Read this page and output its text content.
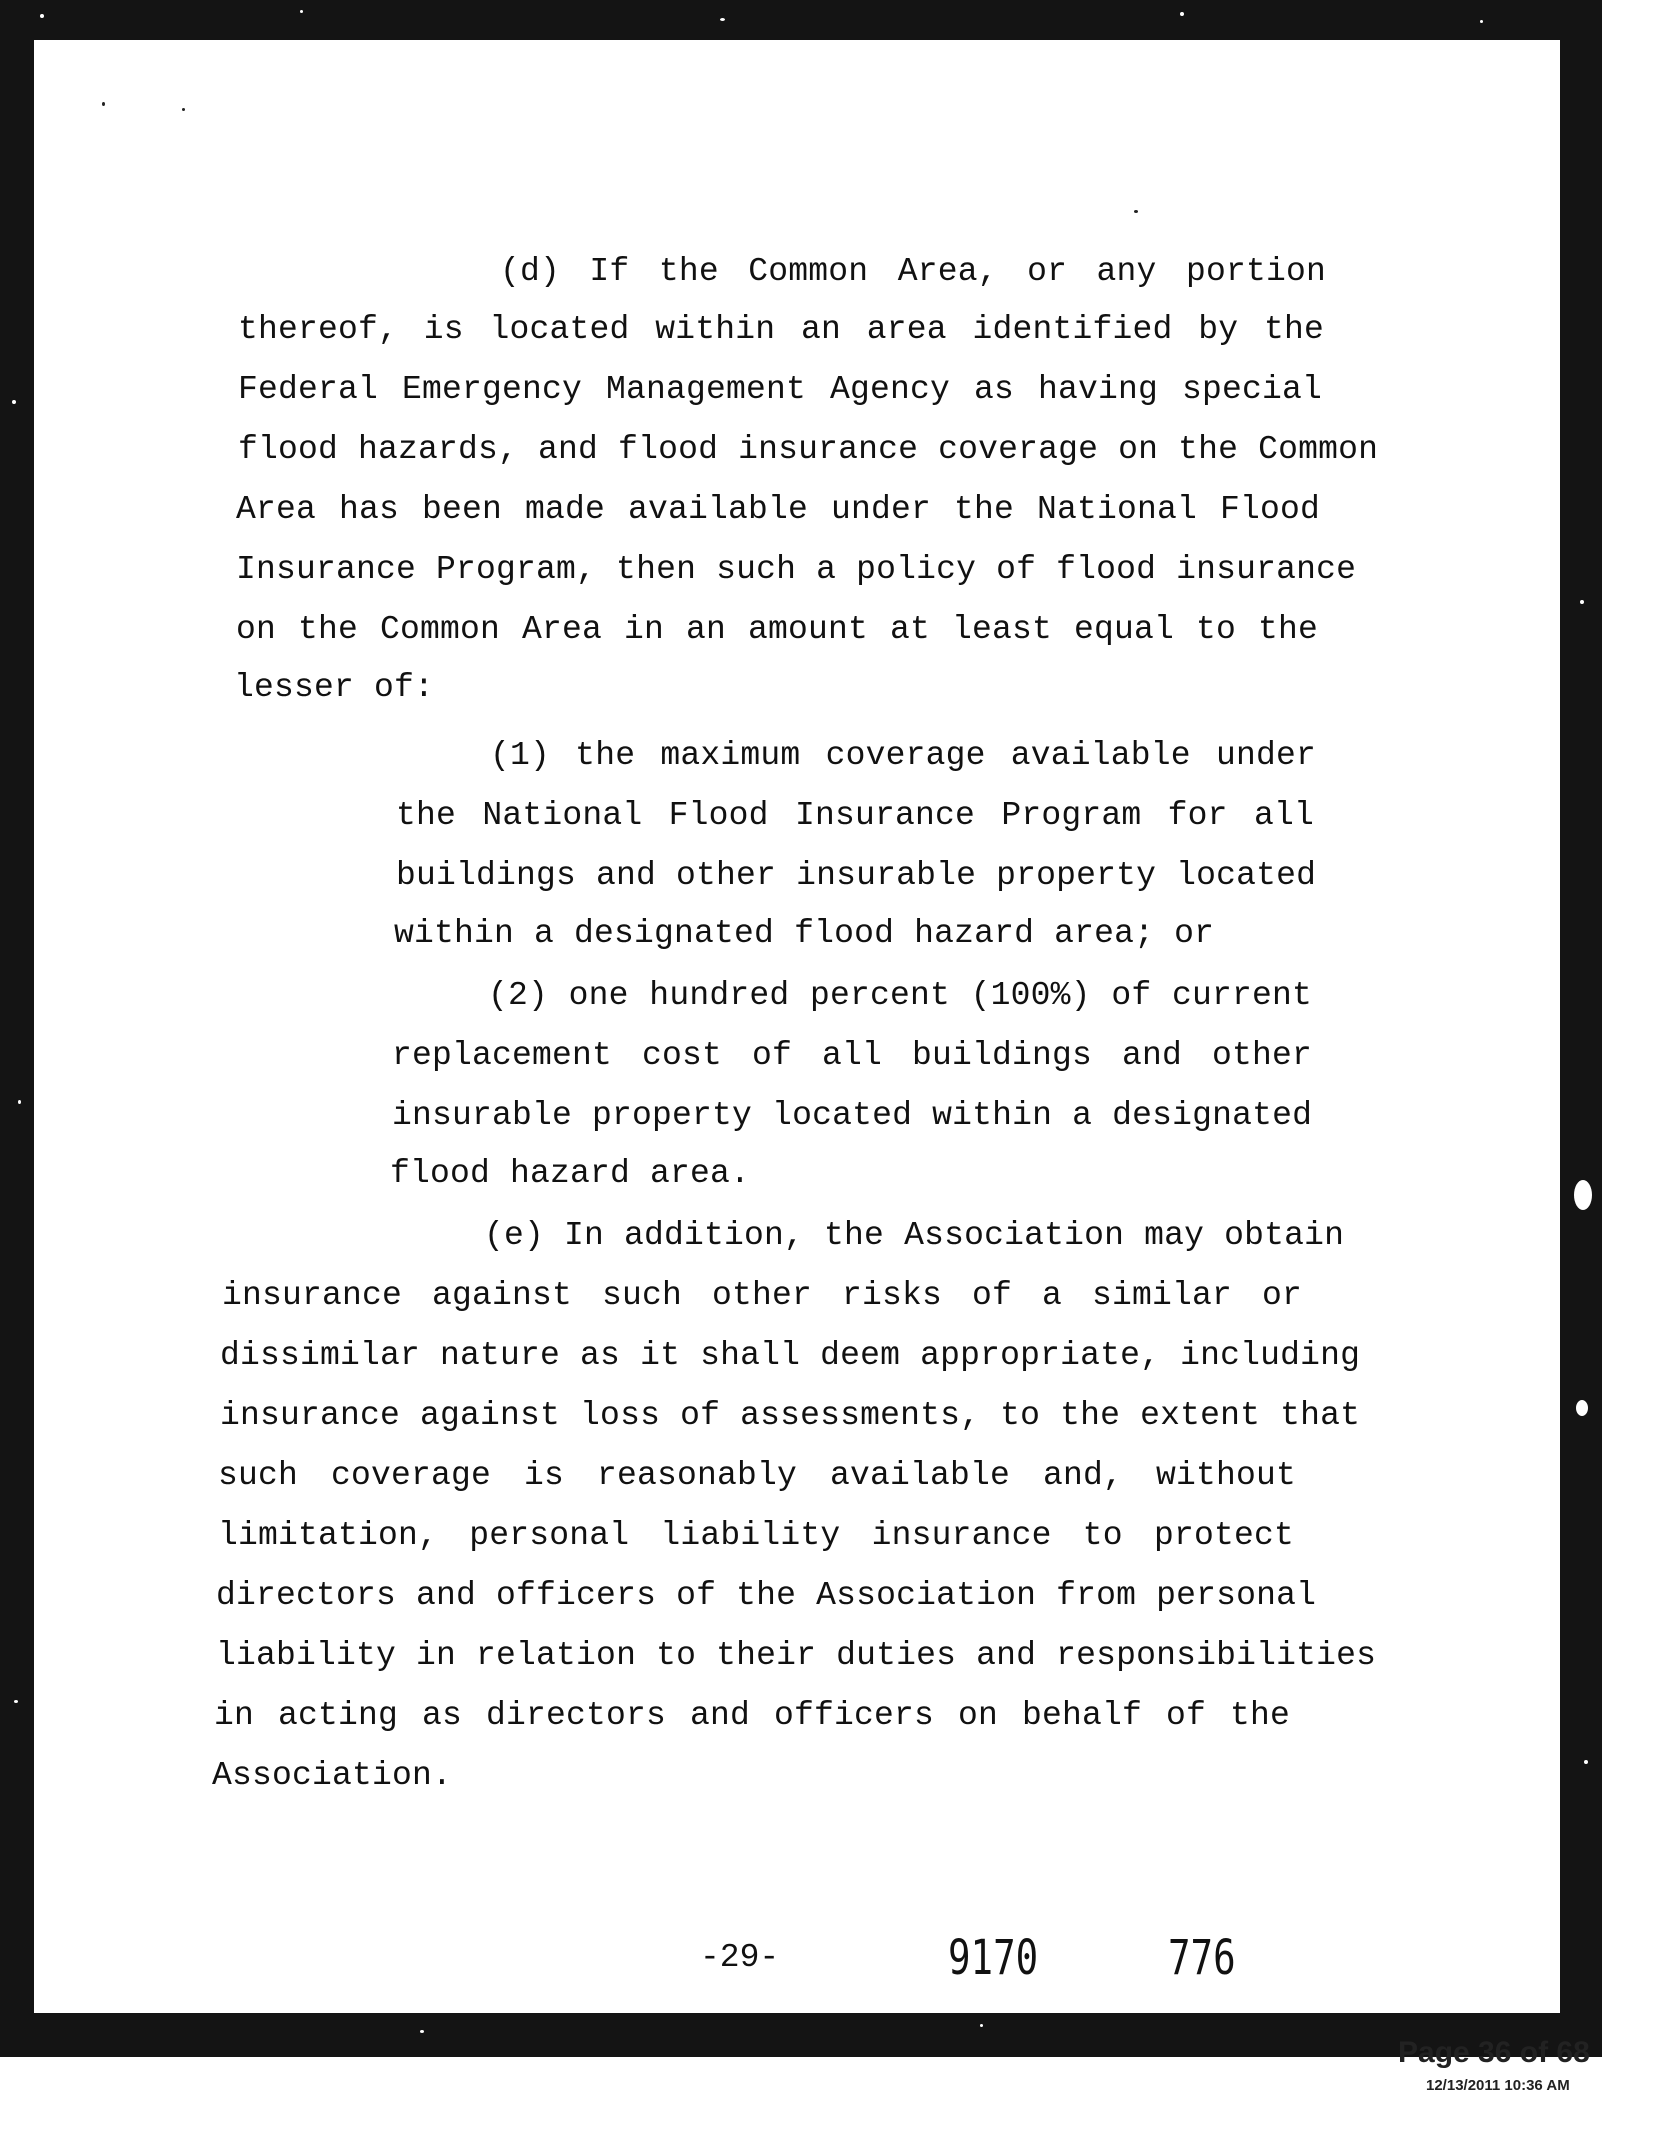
(d) If the Common Area, or any portion
thereof, is located within an area identified by the
Federal Emergency Management Agency as having special
flood hazards, and flood insurance coverage on the Common
Area has been made available under the National Flood
Insurance Program, then such a policy of flood insurance
on the Common Area in an amount at least equal to the
lesser of:
(1) the maximum coverage available under
the National Flood Insurance Program for all
buildings and other insurable property located
within a designated flood hazard area; or
(2) one hundred percent (100%) of current
replacement cost of all buildings and other
insurable property located within a designated
flood hazard area.
(e) In addition, the Association may obtain
insurance against such other risks of a similar or
dissimilar nature as it shall deem appropriate, including
insurance against loss of assessments, to the extent that
such coverage is reasonably available and, without
limitation, personal liability insurance to protect
directors and officers of the Association from personal
liability in relation to their duties and responsibilities
in acting as directors and officers on behalf of the
Association.
-29-	9170	776
Page 36 of 68
12/13/2011 10:36 AM
